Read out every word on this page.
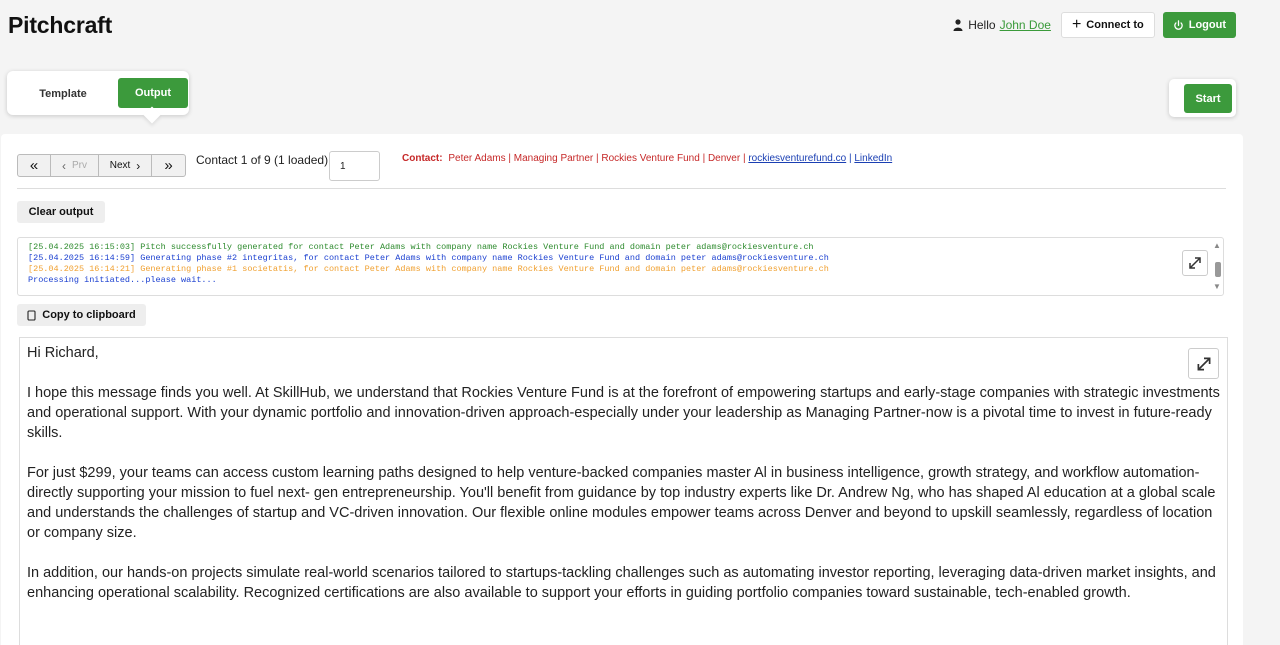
Pitchcraft	Hello John Doe + Connect to	Logout
Template	Output	Start
« ‹ Prv Next › » Contact 1 of 9 (1 loaded)
1	Contact: Peter Adams | Managing Partner | Rockies Venture Fund | Denver | rockiesventurefund.co | LinkedIn
Clear output
[25.04.2025 16:15:03] Pitch successfully generated for contact Peter Adams with company name Rockies Venture Fund and domain peter adams@rockiesventure.ch
[25.04.2025 16:14:59] Generating phase #2 integritas, for contact Peter Adams with company name Rockies Venture Fund and domain peter adams@rockiesventure.ch
[25.04.2025 16:14:21] Generating phase #1 societatis, for contact Peter Adams with company name Rockies Venture Fund and domain peter adams@rockiesventure.ch
Processing initiated...please wait...
▲
▼
Copy to clipboard

Hi Richard,

I hope this message finds you well. At SkillHub, we understand that Rockies Venture Fund is at the forefront of empowering startups and early-stage companies with strategic investments and operational support. With your dynamic portfolio and innovation-driven approach-especially under your leadership as Managing Partner-now is a pivotal time to invest in future-ready skills.

For just $299, your teams can access custom learning paths designed to help venture-backed companies master Al in business intelligence, growth strategy, and workflow automation-directly supporting your mission to fuel next- gen entrepreneurship. You'll benefit from guidance by top industry experts like Dr. Andrew Ng, who has shaped Al education at a global scale and understands the challenges of startup and VC-driven innovation. Our flexible online modules empower teams across Denver and beyond to upskill seamlessly, regardless of location or company size.

In addition, our hands-on projects simulate real-world scenarios tailored to startups-tackling challenges such as automating investor reporting, leveraging data-driven market insights, and enhancing operational scalability. Recognized certifications are also available to support your efforts in guiding portfolio companies toward sustainable, tech-enabled growth.
